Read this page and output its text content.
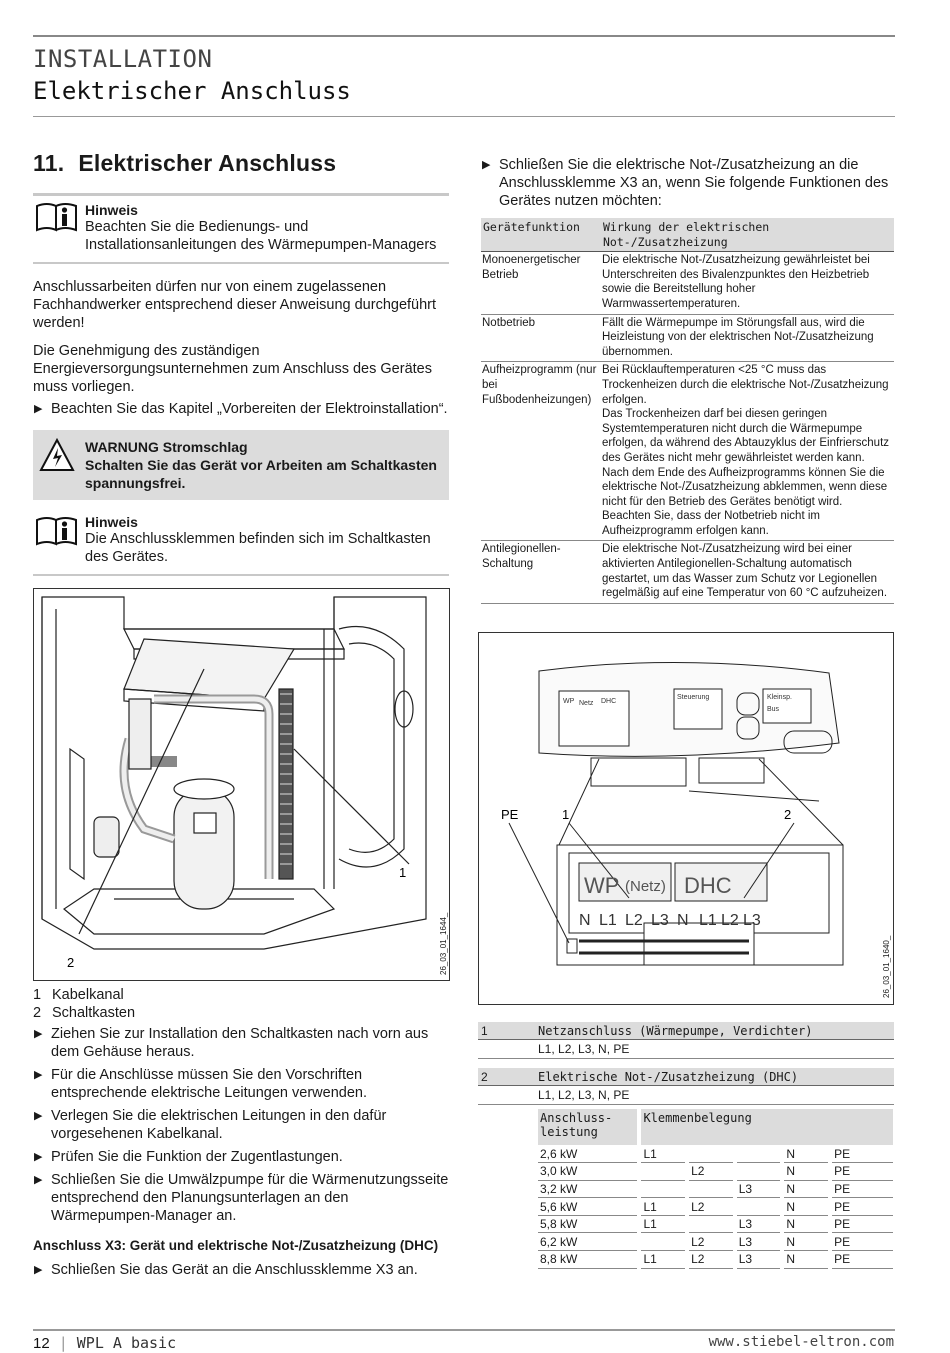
INSTALLATION
Elektrischer Anschluss
11. Elektrischer Anschluss
Hinweis
Beachten Sie die Bedienungs- und Installationsanleitungen des Wärmepumpen-Managers

Anschlussarbeiten dürfen nur von einem zugelassenen Fachhandwerker entsprechend dieser Anweisung durchgeführt werden!

Die Genehmigung des zuständigen Energieversorgungsunternehmen zum Anschluss des Gerätes muss vorliegen.

▶ Beachten Sie das Kapitel „Vorbereiten der Elektroinstallation“.
WARNUNG Stromschlag
Schalten Sie das Gerät vor Arbeiten am Schaltkasten spannungsfrei.
Hinweis
Die Anschlussklemmen befinden sich im Schaltkasten des Gerätes.
1
2	26_03_01_1644_
1 Kabelkanal
2 Schaltkasten
▶ Ziehen Sie zur Installation den Schaltkasten nach vorn aus dem Gehäuse heraus.
▶ Für die Anschlüsse müssen Sie den Vorschriften entsprechende elektrische Leitungen verwenden.
▶ Verlegen Sie die elektrischen Leitungen in den dafür vorgesehenen Kabelkanal.
▶ Prüfen Sie die Funktion der Zugentlastungen.
▶ Schließen Sie die Umwälzpumpe für die Wärmenutzungsseite entsprechend den Planungsunterlagen an den Wärmepumpen-Manager an.
Anschluss X3: Gerät und elektrische Not-/Zusatzheizung (DHC)
▶ Schließen Sie das Gerät an die Anschlussklemme X3 an.
▶ Schließen Sie die elektrische Not-/Zusatzheizung an die Anschlussklemme X3 an, wenn Sie folgende Funktionen des Gerätes nutzen möchten:
Gerätefunktion	Wirkung der elektrischen Not-/Zusatzheizung
Monoenergetischer Betrieb	Die elektrische Not-/Zusatzheizung gewährleistet bei Unterschreiten des Bivalenzpunktes den Heizbetrieb sowie die Bereitstellung hoher Warmwassertemperaturen.
Notbetrieb	Fällt die Wärmepumpe im Störungsfall aus, wird die Heizleistung von der elektrischen Not-/Zusatzheizung übernommen.
Aufheizprogramm (nur bei Fußbodenheizungen)	Bei Rücklauftemperaturen <25 °C muss das Trockenheizen durch die elektrische Not-/Zusatzheizung erfolgen.
Das Trockenheizen darf bei diesen geringen Systemtemperaturen nicht durch die Wärmepumpe erfolgen, da während des Abtauzyklus der Einfrierschutz des Gerätes nicht mehr gewährleistet werden kann.
Nach dem Ende des Aufheizprogramms können Sie die elektrische Not-/Zusatzheizung abklemmen, wenn diese nicht für den Betrieb des Gerätes benötigt wird. Beachten Sie, dass der Notbetrieb nicht im Aufheizprogramm erfolgen kann.
Antilegionellen-Schaltung	Die elektrische Not-/Zusatzheizung wird bei einer aktivierten Antilegionellen-Schaltung automatisch gestartet, um das Wasser zum Schutz vor Legionellen regelmäßig auf eine Temperatur von 60 °C aufzuheizen.
PE	1	2
WP (Netz) DHC
N L1 L2 L3 N L1 L2 L3
WP Netz DHC
Steuerung	Kleinsp.
Bus
26_03_01_1640_
1	Netzanschluss (Wärmepumpe, Verdichter)
L1, L2, L3, N, PE
2	Elektrische Not-/Zusatzheizung (DHC)
L1, L2, L3, N, PE
Anschluss-
leistung		Klemmenbelegung								
2,6 kW		L1						N		PE
3,0 kW				L2				N		PE
3,2 kW						L3		N		PE
5,6 kW		L1		L2				N		PE
5,8 kW		L1				L3		N		PE
6,2 kW				L2		L3		N		PE
8,8 kW		L1		L2		L3		N		PE
12 | WPL A basic	www.stiebel-eltron.com
